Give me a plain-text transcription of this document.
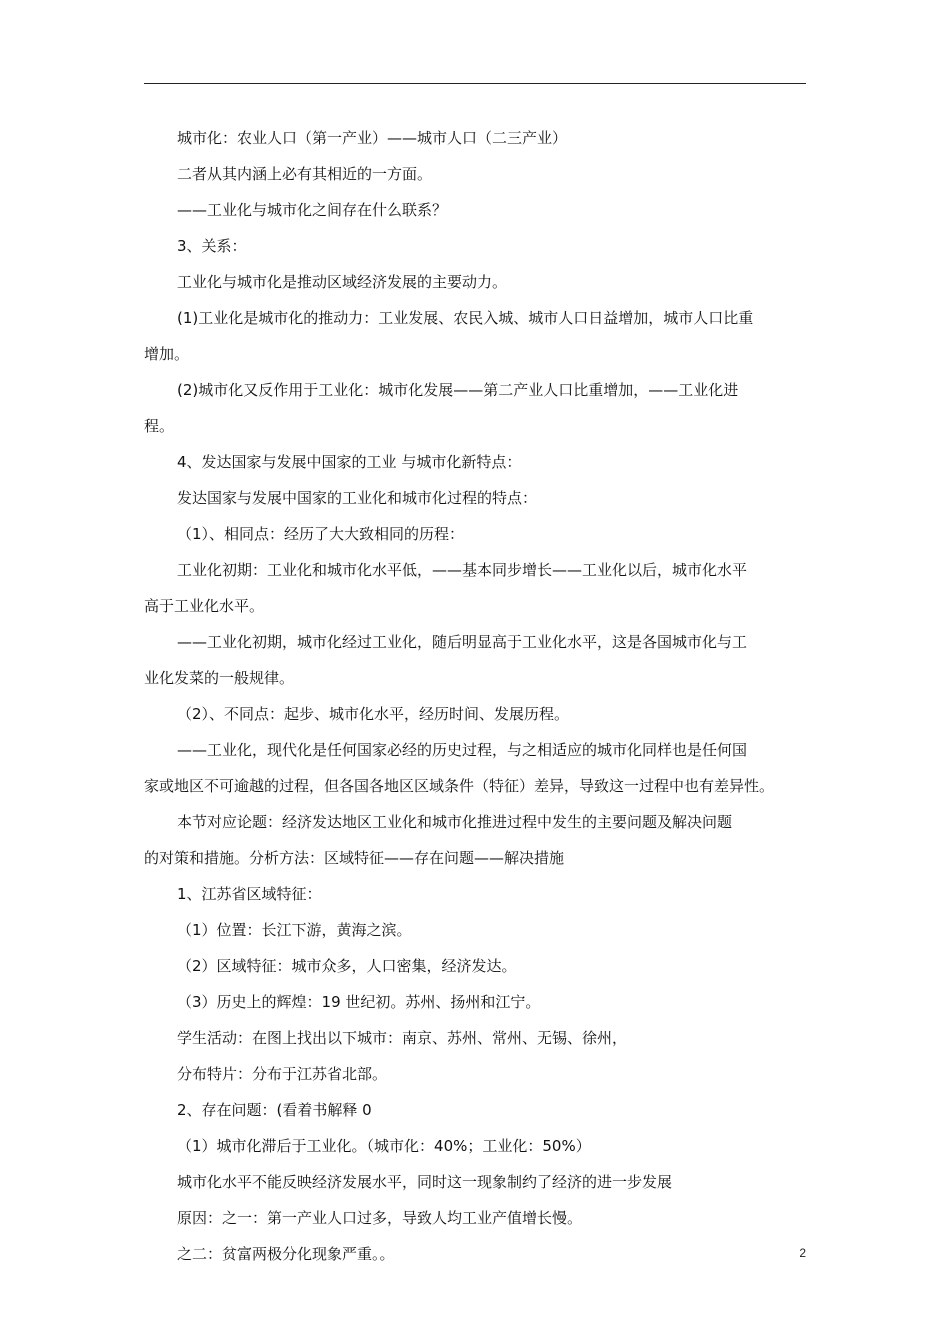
城市化：农业人口（第一产业）——城市人口（二三产业）
二者从其内涵上必有其相近的一方面。
——工业化与城市化之间存在什么联系？
3、关系：
工业化与城市化是推动区域经济发展的主要动力。
(1)工业化是城市化的推动力：工业发展、农民入城、城市人口日益增加，城市人口比重
增加。
(2)城市化又反作用于工业化：城市化发展——第二产业人口比重增加，——工业化进
程。
4、发达国家与发展中国家的工业 与城市化新特点：
发达国家与发展中国家的工业化和城市化过程的特点：
（1）、相同点：经历了大大致相同的历程：
工业化初期：工业化和城市化水平低，——基本同步增长——工业化以后，城市化水平
高于工业化水平。
——工业化初期，城市化经过工业化，随后明显高于工业化水平，这是各国城市化与工
业化发菜的一般规律。
（2）、不同点：起步、城市化水平，经历时间、发展历程。
——工业化，现代化是任何国家必经的历史过程，与之相适应的城市化同样也是任何国
家或地区不可逾越的过程，但各国各地区区域条件（特征）差异，导致这一过程中也有差异性。
本节对应论题：经济发达地区工业化和城市化推进过程中发生的主要问题及解决问题
的对策和措施。分析方法：区域特征——存在问题——解决措施
1、江苏省区域特征：
（1）位置：长江下游，黄海之滨。
（2）区域特征：城市众多，人口密集，经济发达。
（3）历史上的辉煌：19 世纪初。苏州、扬州和江宁。
学生活动：在图上找出以下城市：南京、苏州、常州、无锡、徐州，
分布特片：分布于江苏省北部。
2、存在问题：(看着书解释 0
（1）城市化滞后于工业化。（城市化：40%；工业化：50%）
城市化水平不能反映经济发展水平，同时这一现象制约了经济的进一步发展
原因：之一：第一产业人口过多，导致人均工业产值增长慢。
之二：贫富两极分化现象严重。。	2
